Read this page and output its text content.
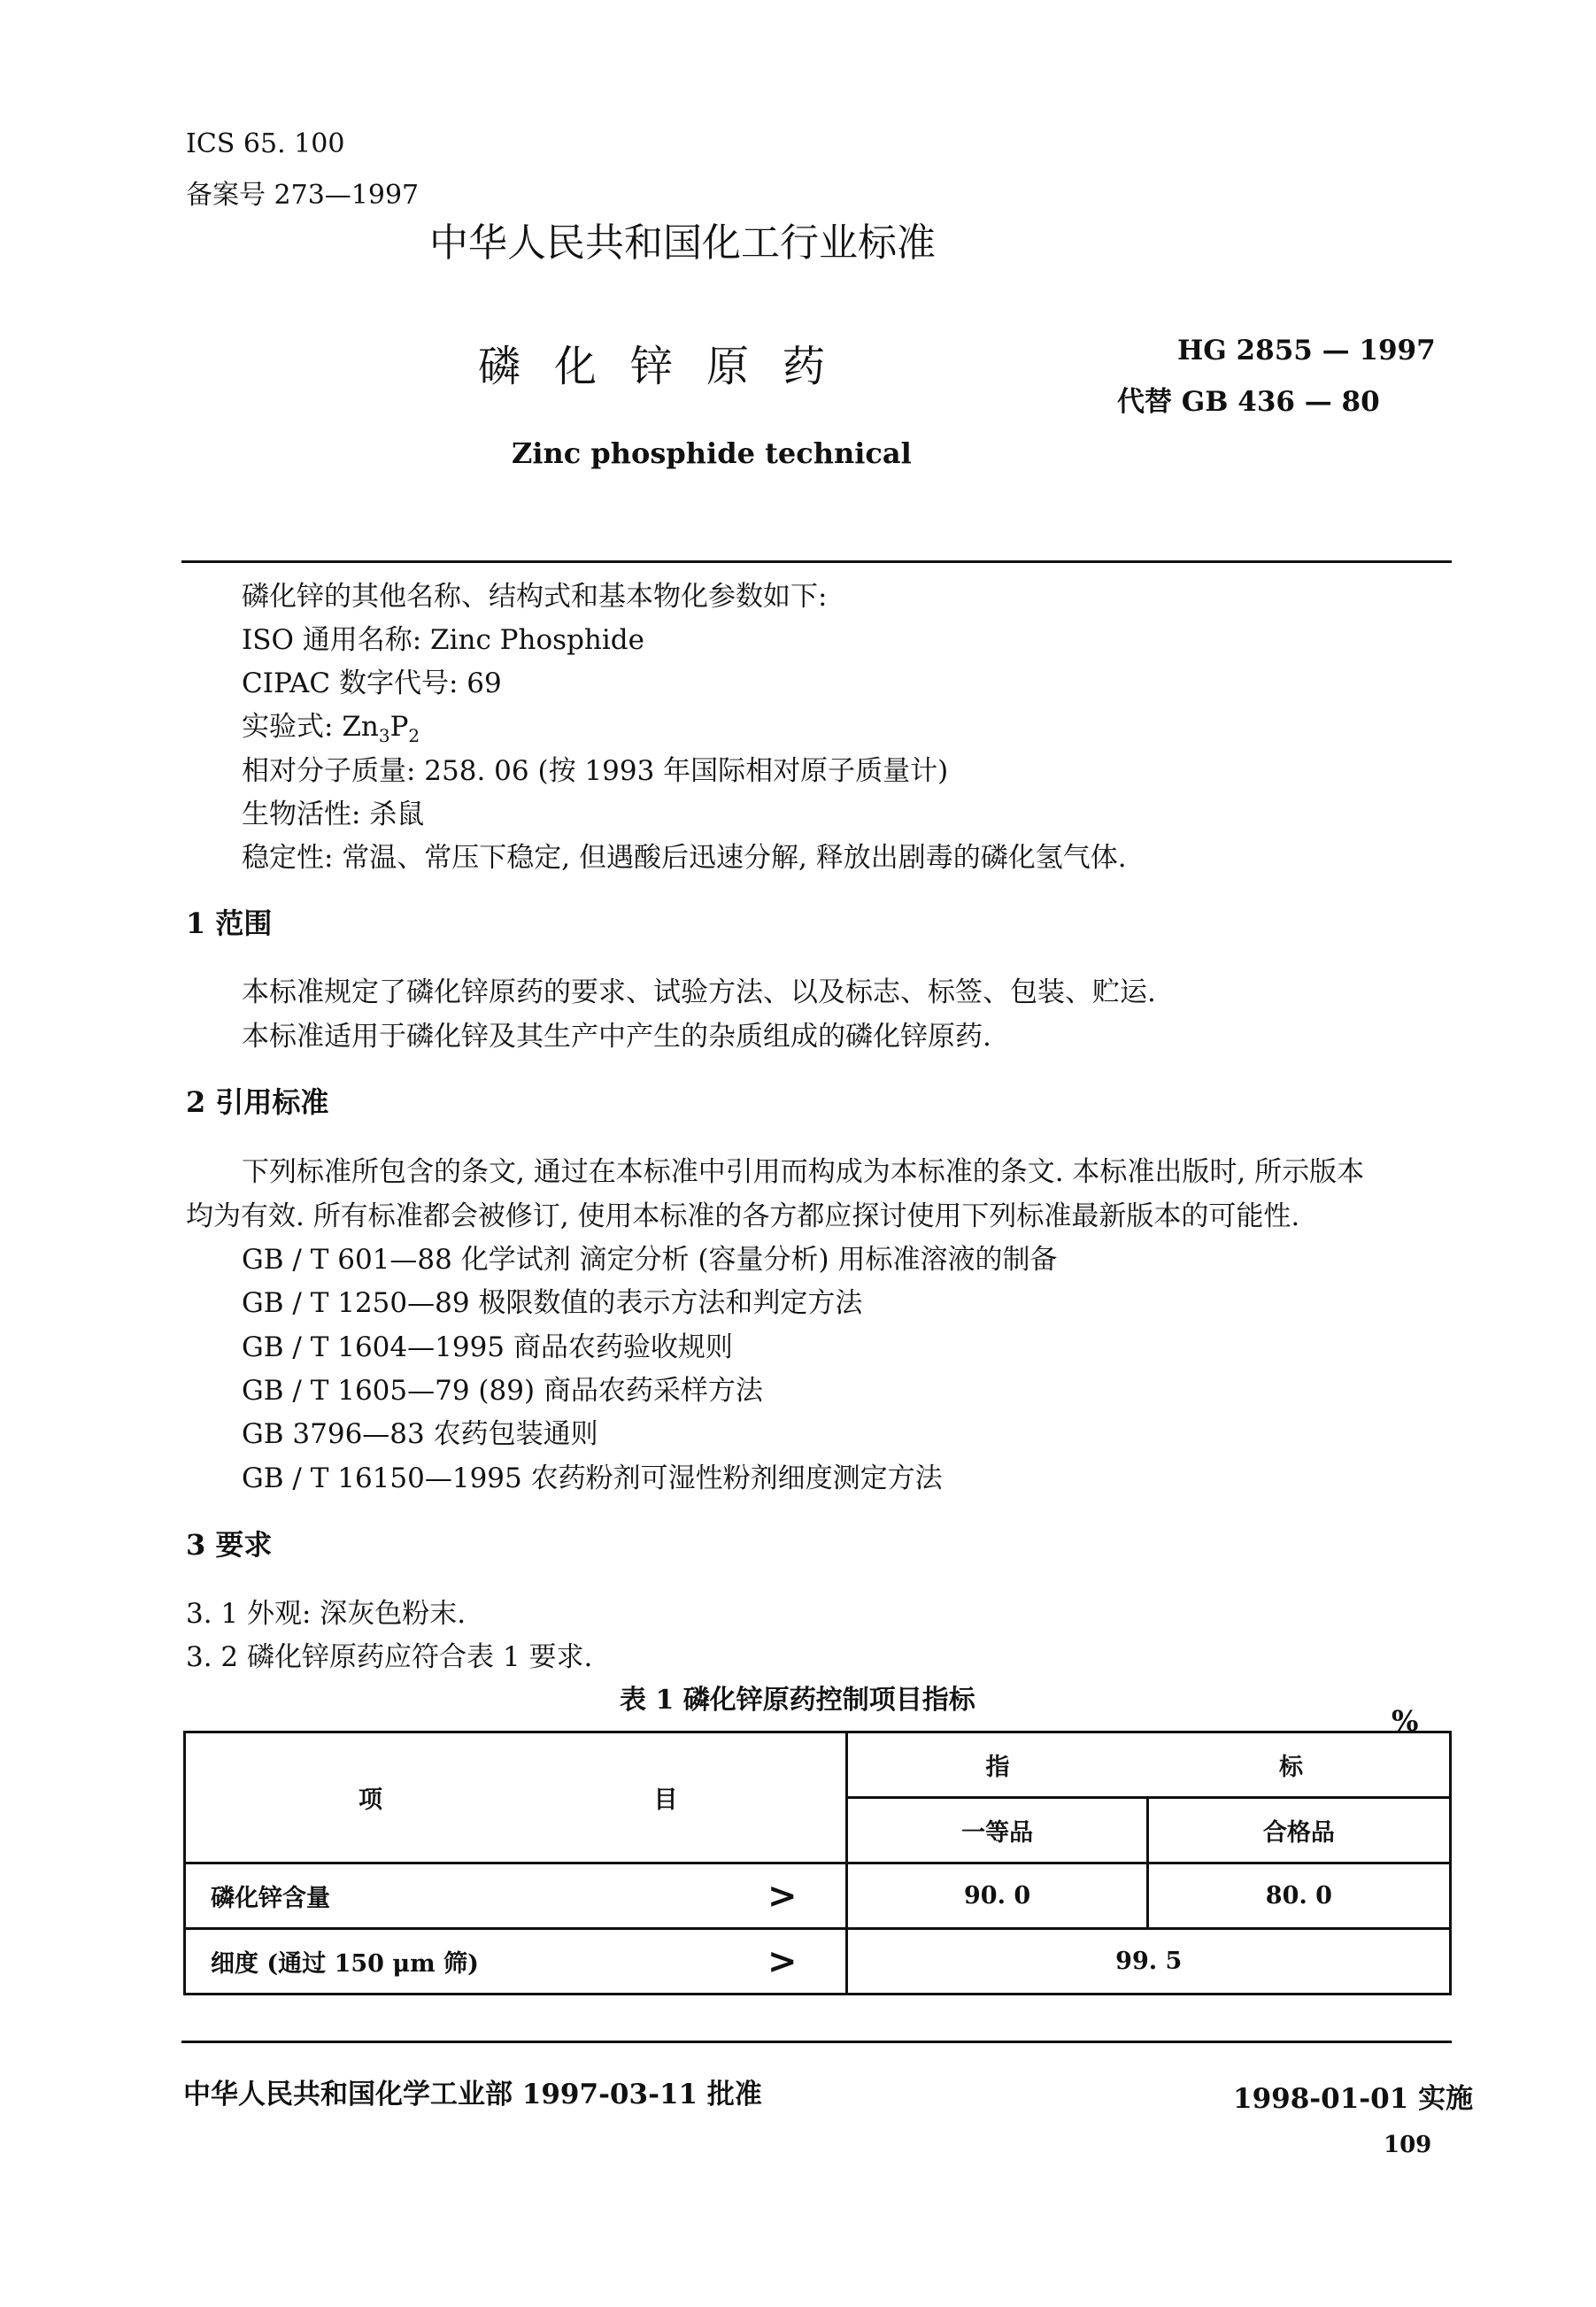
ICS 65. 100
备案号 273—1997
中华人民共和国化工行业标准
磷化锌原药	HG 2855 — 1997
代替 GB 436 — 80
Zinc phosphide technical
磷化锌的其他名称、结构式和基本物化参数如下:
ISO 通用名称: Zinc Phosphide
CIPAC 数字代号: 69
实验式: $Zn_3P_2$
相对分子质量: 258. 06 (按 1993 年国际相对原子质量计)
生物活性: 杀鼠
稳定性: 常温、常压下稳定, 但遇酸后迅速分解, 释放出剧毒的磷化氢气体.
1 范围
本标准规定了磷化锌原药的要求、试验方法、以及标志、标签、包装、贮运.
本标准适用于磷化锌及其生产中产生的杂质组成的磷化锌原药.
2 引用标准
下列标准所包含的条文, 通过在本标准中引用而构成为本标准的条文. 本标准出版时, 所示版本
均为有效. 所有标准都会被修订, 使用本标准的各方都应探讨使用下列标准最新版本的可能性.
GB / T 601—88 化学试剂 滴定分析 (容量分析) 用标准溶液的制备
GB / T 1250—89 极限数值的表示方法和判定方法
GB / T 1604—1995 商品农药验收规则
GB / T 1605—79 (89) 商品农药采样方法
GB 3796—83 农药包装通则
GB / T 16150—1995 农药粉剂可湿性粉剂细度测定方法
3 要求
3. 1 外观: 深灰色粉末.
3. 2 磷化锌原药应符合表 1 要求.
表 1 磷化锌原药控制项目指标
%
项 目	指 标	

	一等品	合格品

磷化锌含量 >	90. 0	80. 0

细度 (通过 150 μm 筛) >	99. 5	
中华人民共和国化学工业部 1997-03-11 批准	1998-01-01 实施
109
